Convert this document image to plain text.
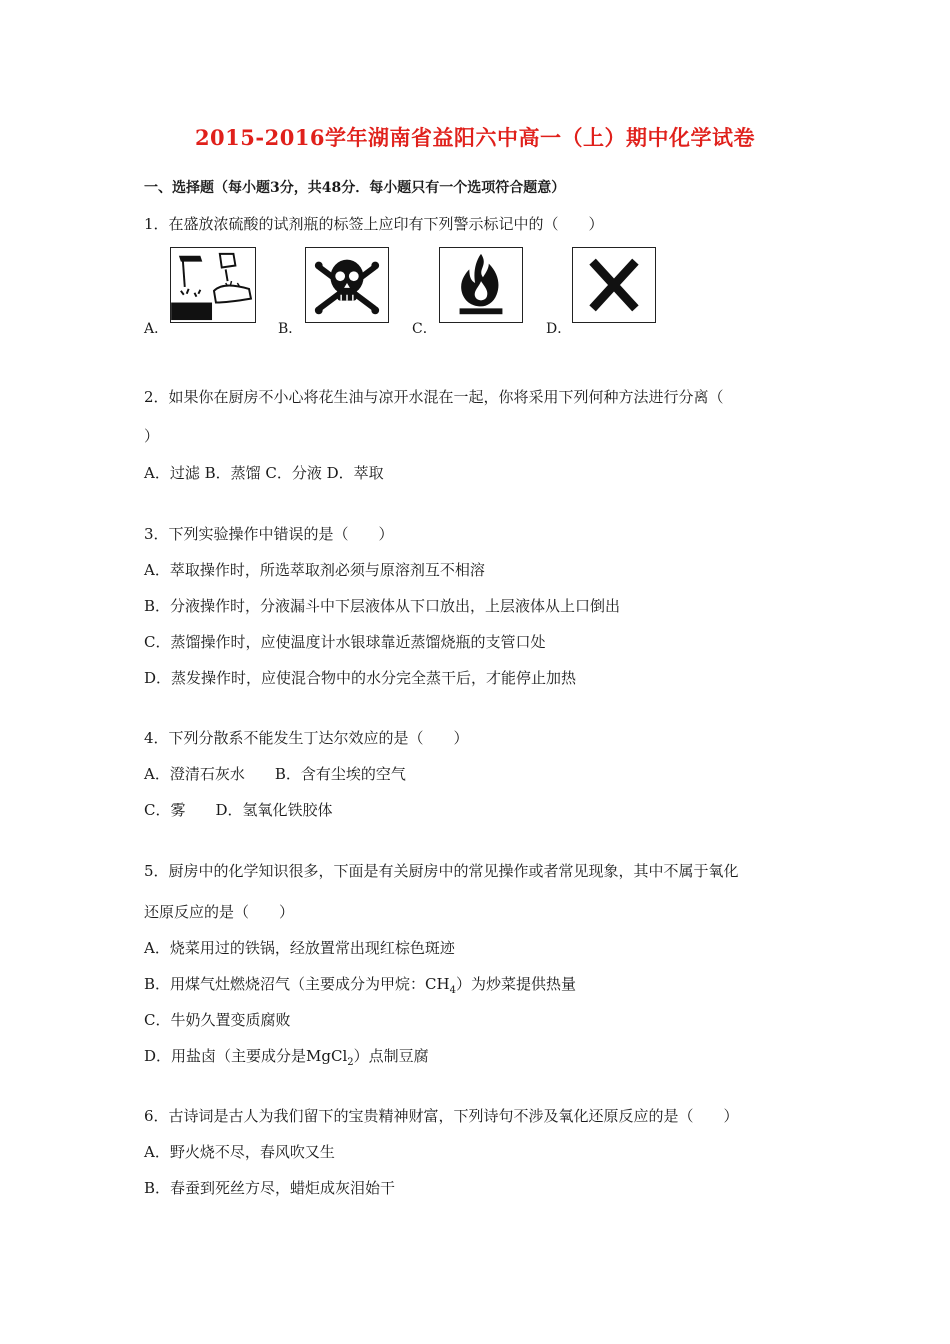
2015-2016学年湖南省益阳六中高一（上）期中化学试卷
一、选择题（每小题3分，共48分．每小题只有一个选项符合题意）
1．在盛放浓硫酸的试剂瓶的标签上应印有下列警示标记中的（　　）
A．	B．	C．	D．
2．如果你在厨房不小心将花生油与凉开水混在一起，你将采用下列何种方法进行分离（
）
A．过滤 B．蒸馏 C．分液 D．萃取
3．下列实验操作中错误的是（　　）
A．萃取操作时，所选萃取剂必须与原溶剂互不相溶
B．分液操作时，分液漏斗中下层液体从下口放出，上层液体从上口倒出
C．蒸馏操作时，应使温度计水银球靠近蒸馏烧瓶的支管口处
D．蒸发操作时，应使混合物中的水分完全蒸干后，才能停止加热
4．下列分散系不能发生丁达尔效应的是（　　）
A．澄清石灰水　　B．含有尘埃的空气
C．雾　　D．氢氧化铁胶体
5．厨房中的化学知识很多，下面是有关厨房中的常见操作或者常见现象，其中不属于氧化
还原反应的是（　　）
A．烧菜用过的铁锅，经放置常出现红棕色斑迹
B．用煤气灶燃烧沼气（主要成分为甲烷：$CH_4$）为炒菜提供热量
C．牛奶久置变质腐败
D．用盐卤（主要成分是MgCl$_2$）点制豆腐
6．古诗词是古人为我们留下的宝贵精神财富，下列诗句不涉及氧化还原反应的是（　　）
A．野火烧不尽，春风吹又生
B．春蚕到死丝方尽，蜡炬成灰泪始干
